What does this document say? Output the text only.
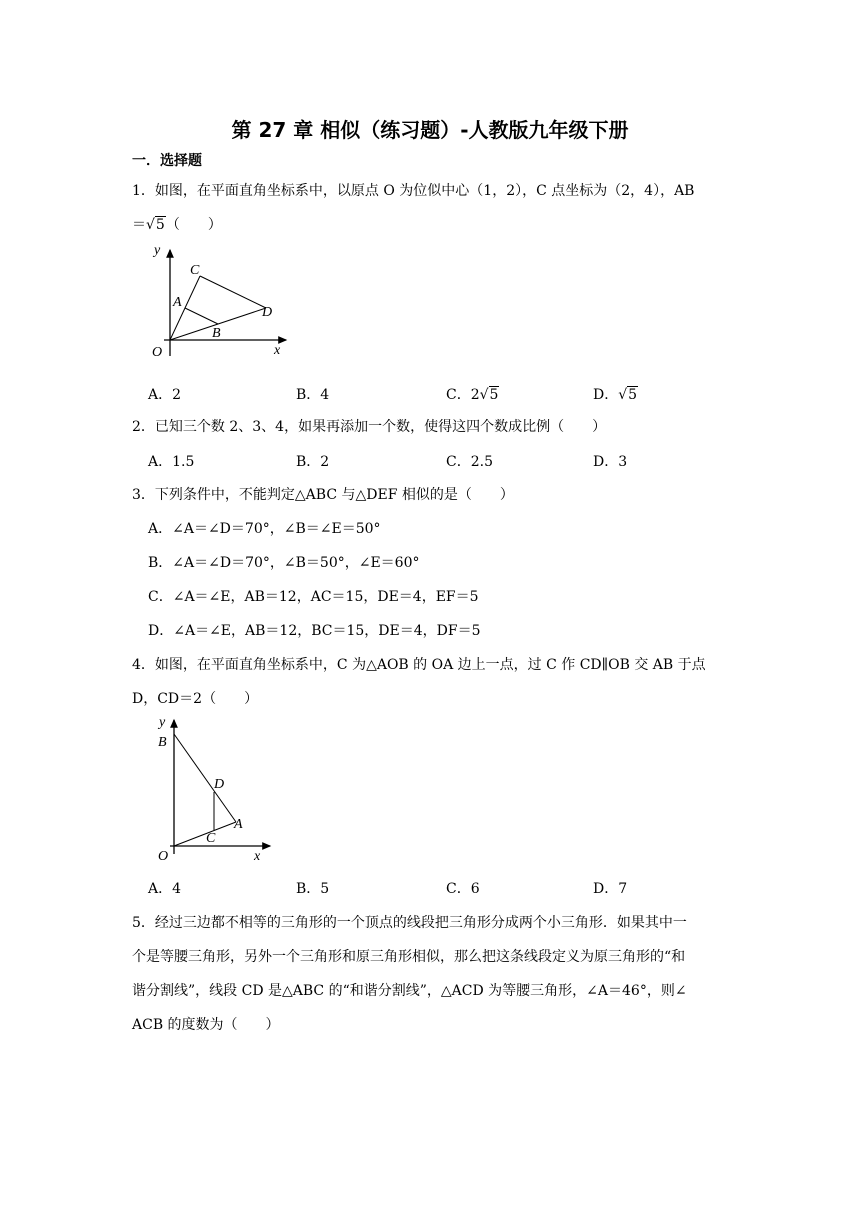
第 27 章 相似（练习题）-人教版九年级下册
一．选择题
1．如图，在平面直角坐标系中，以原点 O 为位似中心（1，2），C 点坐标为（2，4），AB
＝√5（　　）
y
x
O
C
A
B
D
A．2	B．4	C．2√5	D．√5
2．已知三个数 2、3、4，如果再添加一个数，使得这四个数成比例（　　）
A．1.5	B．2	C．2.5	D．3
3．下列条件中，不能判定△ABC 与△DEF 相似的是（　　）
A．∠A＝∠D＝70°，∠B＝∠E＝50°
B．∠A＝∠D＝70°，∠B＝50°，∠E＝60°
C．∠A＝∠E，AB＝12，AC＝15，DE＝4，EF＝5
D．∠A＝∠E，AB＝12，BC＝15，DE＝4，DF＝5
4．如图，在平面直角坐标系中，C 为△AOB 的 OA 边上一点，过 C 作 CD∥OB 交 AB 于点
D，CD＝2（　　）
y
B
D
A
C
O	x
A．4	B．5	C．6	D．7
5．经过三边都不相等的三角形的一个顶点的线段把三角形分成两个小三角形．如果其中一
个是等腰三角形，另外一个三角形和原三角形相似，那么把这条线段定义为原三角形的“和
谐分割线”，线段 CD 是△ABC 的“和谐分割线”，△ACD 为等腰三角形，∠A＝46°，则∠
ACB 的度数为（　　）
